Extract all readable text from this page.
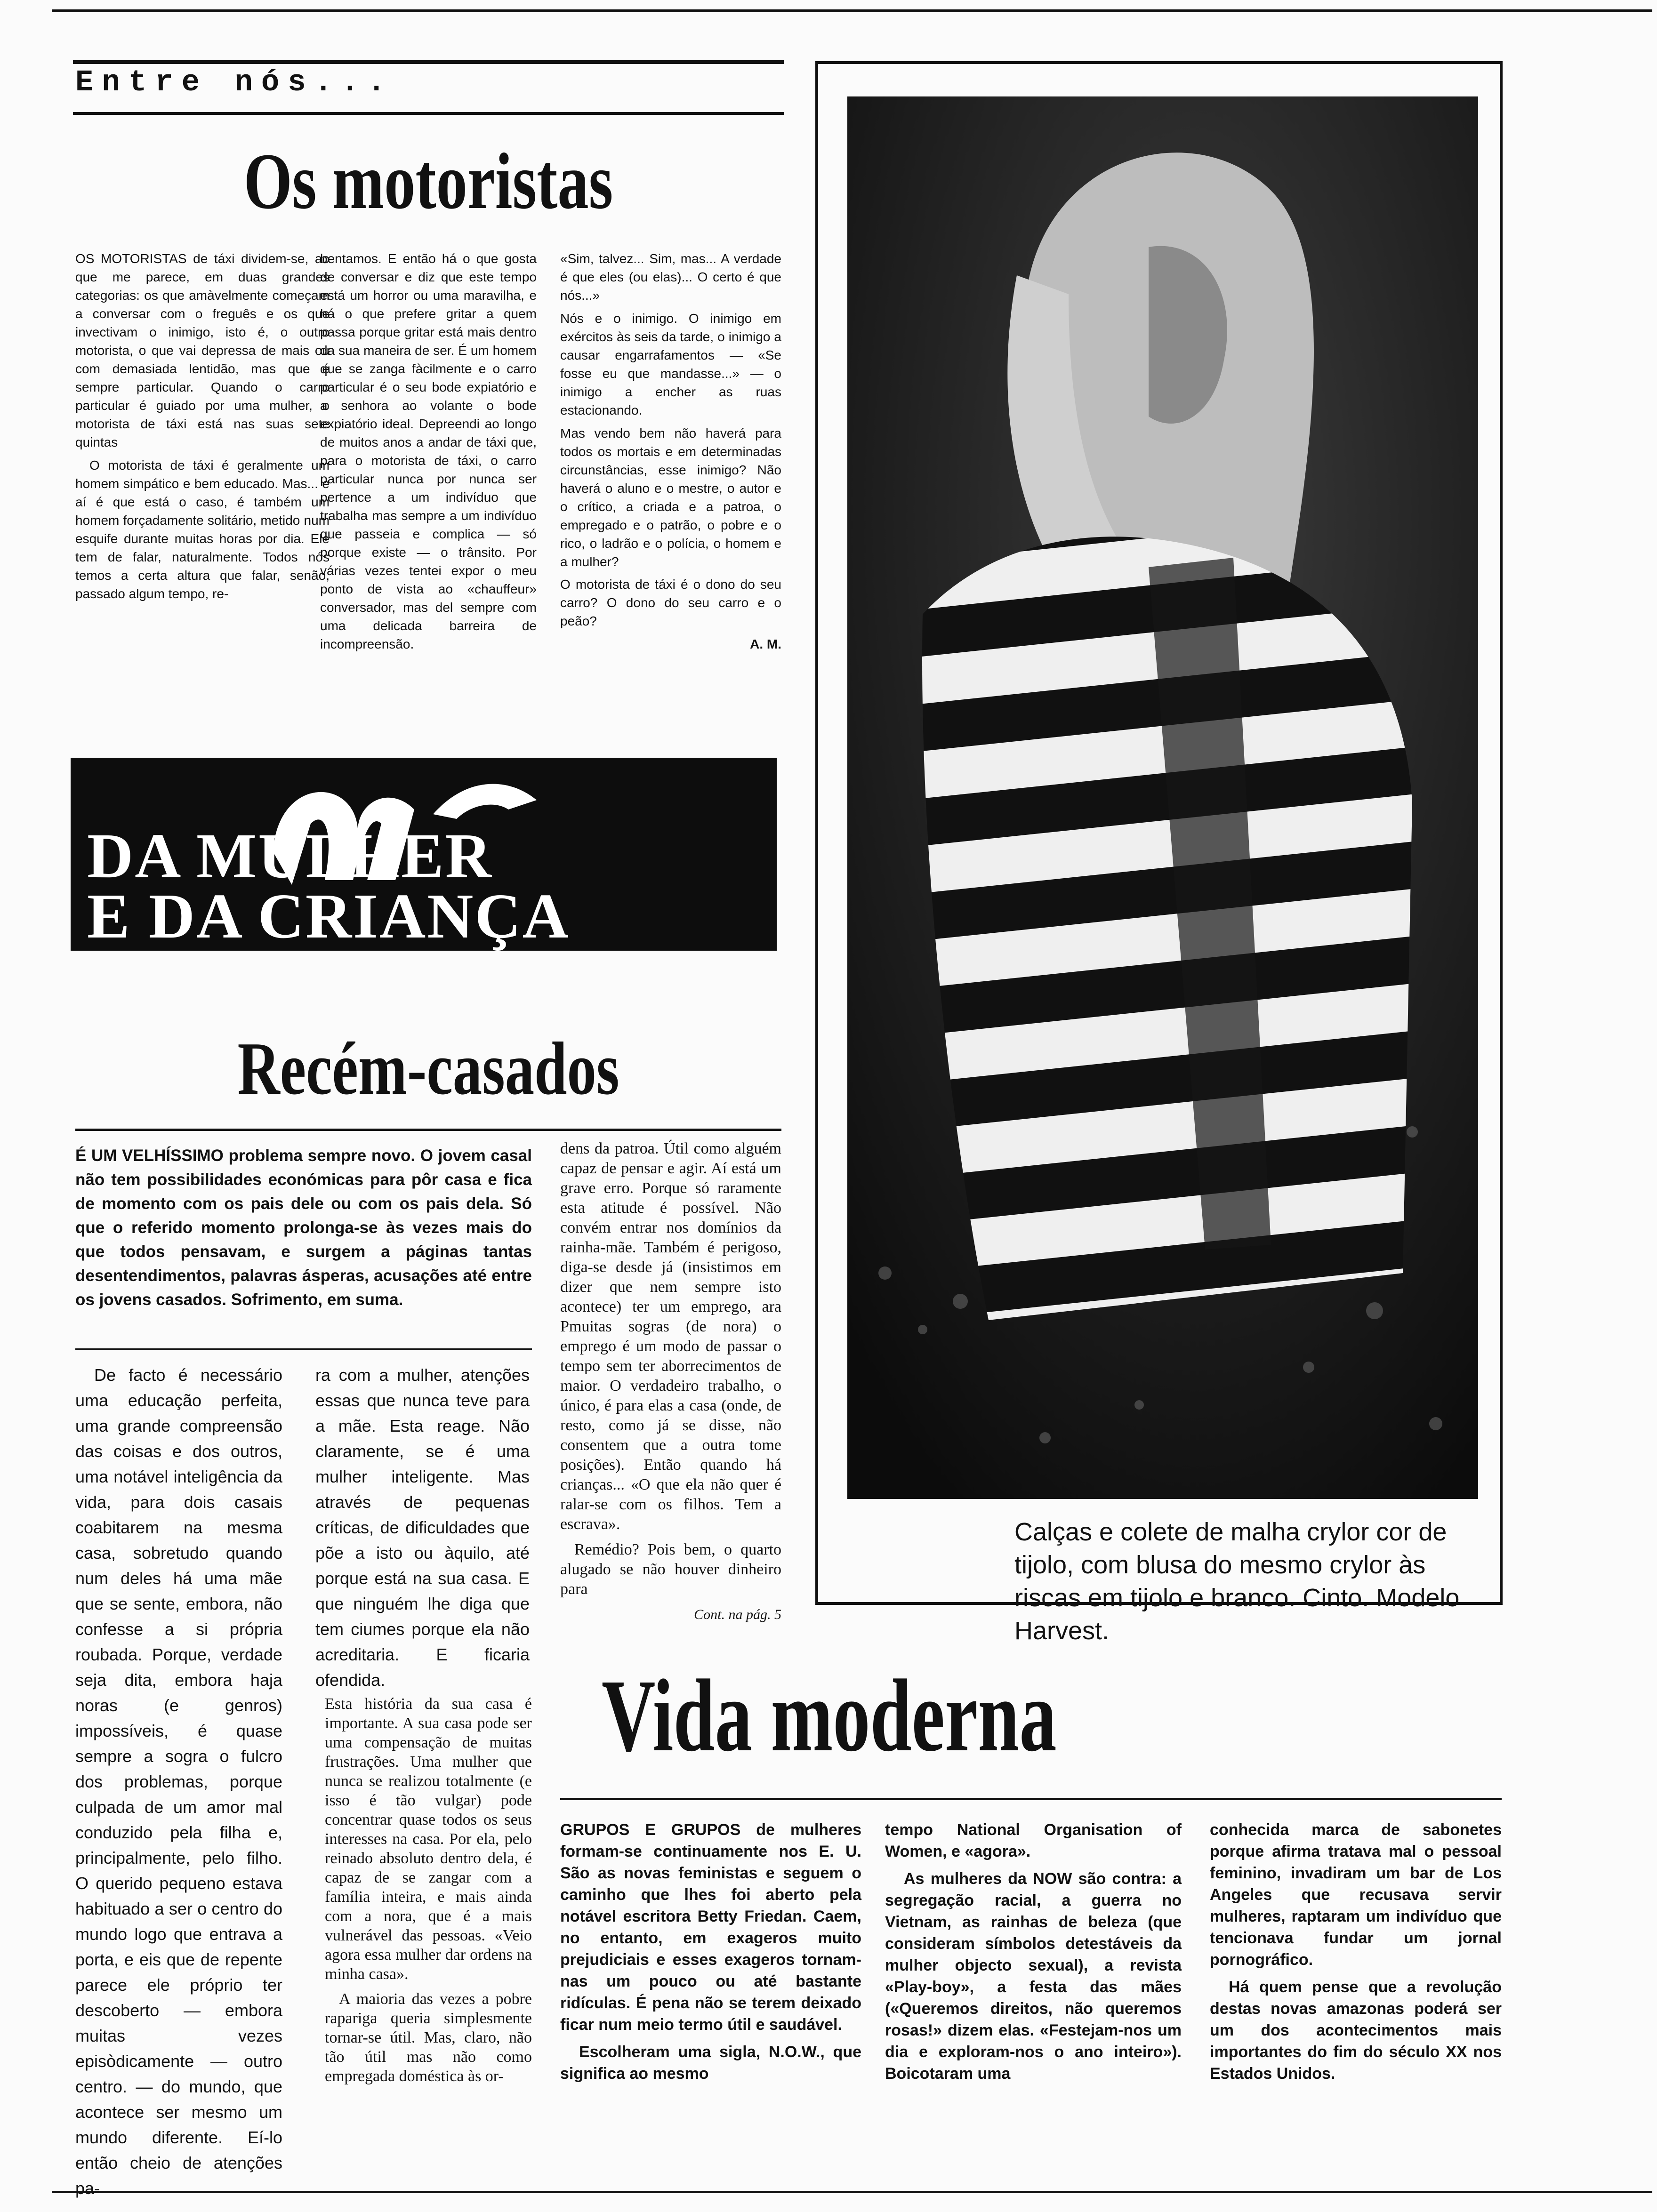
Entre nós...
Os motoristas

OS MOTORISTAS de táxi dividem-se, ao que me parece, em duas grandes categorias: os que amàvelmente começam a conversar com o freguês e os que invectivam o inimigo, isto é, o outro motorista, o que vai depressa de mais ou com demasiada lentidão, mas que é sempre particular. Quando o carro particular é guiado por uma mulher, o motorista de táxi está nas suas sete quintas

O motorista de táxi é geralmente um homem simpático e bem educado. Mas... e aí é que está o caso, é também um homem forçadamente solitário, metido num esquife durante muitas horas por dia. Ele tem de falar, naturalmente. Todos nós temos a certa altura que falar, senão, passado algum tempo, re-

bentamos. E então há o que gosta de conversar e diz que este tempo está um horror ou uma maravilha, e há o que prefere gritar a quem passa porque gritar está mais dentro da sua maneira de ser. É um homem que se zanga fàcilmente e o carro particular é o seu bode expiatório e a senhora ao volante o bode expiatório ideal. Depreendi ao longo de muitos anos a andar de táxi que, para o motorista de táxi, o carro particular nunca por nunca ser pertence a um indivíduo que trabalha mas sempre a um indivíduo que passeia e complica — só porque existe — o trânsito. Por várias vezes tentei expor o meu ponto de vista ao «chauffeur» conversador, mas del sempre com uma delicada barreira de incompreensão.

«Sim, talvez... Sim, mas... A verdade é que eles (ou elas)... O certo é que nós...»

Nós e o inimigo. O inimigo em exércitos às seis da tarde, o inimigo a causar engarrafamentos — «Se fosse eu que mandasse...» — o inimigo a encher as ruas estacionando.

Mas vendo bem não haverá para todos os mortais e em determinadas circunstâncias, esse inimigo? Não haverá o aluno e o mestre, o autor e o crítico, a criada e a patroa, o empregado e o patrão, o pobre e o rico, o ladrão e o polícia, o homem e a mulher?

O motorista de táxi é o dono do seu carro? O dono do seu carro e o peão?

A. M.

DA MULHER
E DA CRIANÇA
Recém-casados
É UM VELHÍSSIMO problema sempre novo. O jovem casal não tem possibilidades económicas para pôr casa e fica de momento com os pais dele ou com os pais dela. Só que o referido momento prolonga-se às vezes mais do que todos pensavam, e surgem a páginas tantas desentendimentos, palavras ásperas, acusações até entre os jovens casados. Sofrimento, em suma.

De facto é necessário uma educação perfeita, uma grande compreensão das coisas e dos outros, uma notável inteligência da vida, para dois casais coabitarem na mesma casa, sobretudo quando num deles há uma mãe que se sente, embora, não confesse a si própria roubada. Porque, verdade seja dita, embora haja noras (e genros) impossíveis, é quase sempre a sogra o fulcro dos problemas, porque culpada de um amor mal conduzido pela filha e, principalmente, pelo filho. O querido pequeno estava habituado a ser o centro do mundo logo que entrava a porta, e eis que de repente parece ele próprio ter descoberto — embora muitas vezes episòdicamente — outro centro. — do mundo, que acontece ser mesmo um mundo diferente. Eí-lo então cheio de atenções pa-

ra com a mulher, atenções essas que nunca teve para a mãe. Esta reage. Não claramente, se é uma mulher inteligente. Mas através de pequenas críticas, de dificuldades que põe a isto ou àquilo, até porque está na sua casa. E que ninguém lhe diga que tem ciumes porque ela não acreditaria. E ficaria ofendida.

Esta história da sua casa é importante. A sua casa pode ser uma compensação de muitas frustrações. Uma mulher que nunca se realizou totalmente (e isso é tão vulgar) pode concentrar quase todos os seus interesses na casa. Por ela, pelo reinado absoluto dentro dela, é capaz de se zangar com a família inteira, e mais ainda com a nora, que é a mais vulnerável das pessoas. «Veio agora essa mulher dar ordens na minha casa».

A maioria das vezes a pobre rapariga queria simplesmente tornar-se útil. Mas, claro, não tão útil mas não como empregada doméstica às or-

dens da patroa. Útil como alguém capaz de pensar e agir. Aí está um grave erro. Porque só raramente esta atitude é possível. Não convém entrar nos domínios da rainha-mãe. Também é perigoso, diga-se desde já (insistimos em dizer que nem sempre isto acontece) ter um emprego, ara Pmuitas sogras (de nora) o emprego é um modo de passar o tempo sem ter aborrecimentos de maior. O verdadeiro trabalho, o único, é para elas a casa (onde, de resto, como já se disse, não consentem que a outra tome posições). Então quando há crianças... «O que ela não quer é ralar-se com os filhos. Tem a escrava».

Remédio? Pois bem, o quarto alugado se não houver dinheiro para

Cont. na pág. 5

Calças e colete de malha crylor cor de tijolo, com blusa do mesmo crylor às riscas em tijolo e branco. Cinto. Modelo Harvest.
Vida moderna

GRUPOS E GRUPOS de mulheres formam-se continuamente nos E. U. São as novas feministas e seguem o caminho que lhes foi aberto pela notável escritora Betty Friedan. Caem, no entanto, em exageros muito prejudiciais e esses exageros tornam-nas um pouco ou até bastante ridículas. É pena não se terem deixado ficar num meio termo útil e saudável.

Escolheram uma sigla, N.O.W., que significa ao mesmo

tempo National Organisation of Women, e «agora».

As mulheres da NOW são contra: a segregação racial, a guerra no Vietnam, as rainhas de beleza (que consideram símbolos detestáveis da mulher objecto sexual), a revista «Play-boy», a festa das mães («Queremos direitos, não queremos rosas!» dizem elas. «Festejam-nos um dia e exploram-nos o ano inteiro»). Boicotaram uma

conhecida marca de sabonetes porque afirma tratava mal o pessoal feminino, invadiram um bar de Los Angeles que recusava servir mulheres, raptaram um indivíduo que tencionava fundar um jornal pornográfico.

Há quem pense que a revolução destas novas amazonas poderá ser um dos acontecimentos mais importantes do fim do século XX nos Estados Unidos.
